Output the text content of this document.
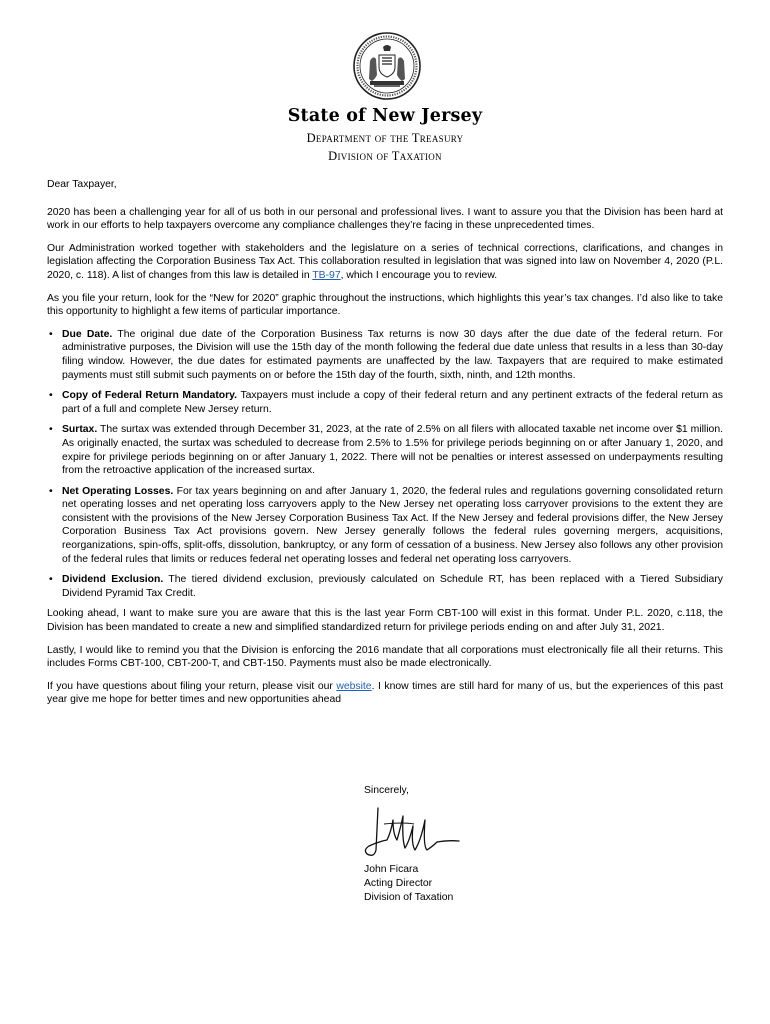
State of New Jersey
Department of the Treasury
Division of Taxation

Dear Taxpayer,

2020 has been a challenging year for all of us both in our personal and professional lives. I want to assure you that the Division has been hard at work in our efforts to help taxpayers overcome any compliance challenges they’re facing in these unprecedented times.

Our Administration worked together with stakeholders and the legislature on a series of technical corrections, clarifications, and changes in legislation affecting the Corporation Business Tax Act. This collaboration resulted in legislation that was signed into law on November 4, 2020 (P.L. 2020, c. 118). A list of changes from this law is detailed in TB-97, which I encourage you to review.

As you file your return, look for the “New for 2020” graphic throughout the instructions, which highlights this year’s tax changes. I’d also like to take this opportunity to highlight a few items of particular importance.

• Due Date. The original due date of the Corporation Business Tax returns is now 30 days after the due date of the federal return. For administrative purposes, the Division will use the 15th day of the month following the federal due date unless that results in a less than 30-day filing window. However, the due dates for estimated payments are unaffected by the law. Taxpayers that are required to make estimated payments must still submit such payments on or before the 15th day of the fourth, sixth, ninth, and 12th months.
• Copy of Federal Return Mandatory. Taxpayers must include a copy of their federal return and any pertinent extracts of the federal return as part of a full and complete New Jersey return.
• Surtax. The surtax was extended through December 31, 2023, at the rate of 2.5% on all filers with allocated taxable net income over $1 million. As originally enacted, the surtax was scheduled to decrease from 2.5% to 1.5% for privilege periods beginning on or after January 1, 2020, and expire for privilege periods beginning on or after January 1, 2022. There will not be penalties or interest assessed on underpayments resulting from the retroactive application of the increased surtax.
• Net Operating Losses. For tax years beginning on and after January 1, 2020, the federal rules and regulations governing consolidated return net operating losses and net operating loss carryovers apply to the New Jersey net operating loss carryover provisions to the extent they are consistent with the provisions of the New Jersey Corporation Business Tax Act. If the New Jersey and federal provisions differ, the New Jersey Corporation Business Tax Act provisions govern. New Jersey generally follows the federal rules governing mergers, acquisitions, reorganizations, spin-offs, split-offs, dissolution, bankruptcy, or any form of cessation of a business. New Jersey also follows any other provision of the federal rules that limits or reduces federal net operating losses and federal net operating loss carryovers.
• Dividend Exclusion. The tiered dividend exclusion, previously calculated on Schedule RT, has been replaced with a Tiered Subsidiary Dividend Pyramid Tax Credit.

Looking ahead, I want to make sure you are aware that this is the last year Form CBT-100 will exist in this format. Under P.L. 2020, c.118, the Division has been mandated to create a new and simplified standardized return for privilege periods ending on and after July 31, 2021.

Lastly, I would like to remind you that the Division is enforcing the 2016 mandate that all corporations must electronically file all their returns. This includes Forms CBT-100, CBT-200-T, and CBT-150. Payments must also be made electronically.

If you have questions about filing your return, please visit our website. I know times are still hard for many of us, but the experiences of this past year give me hope for better times and new opportunities ahead

Sincerely,
John Ficara
Acting Director
Division of Taxation
